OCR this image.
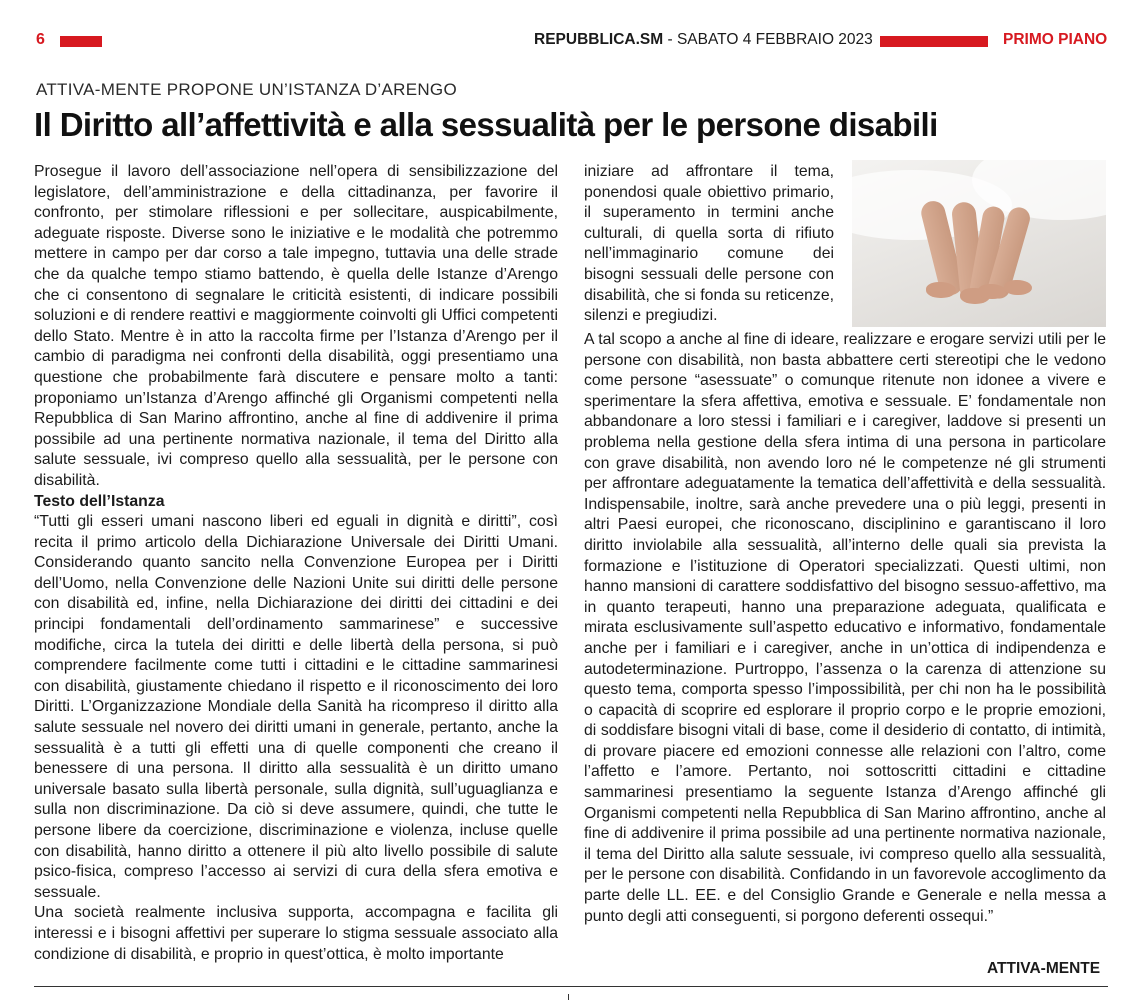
6	REPUBBLICA.SM - SABATO 4 FEBBRAIO 2023	PRIMO PIANO
ATTIVA-MENTE PROPONE UN’ISTANZA D’ARENGO
Il Diritto all’affettività e alla sessualità per le persone disabili

Prosegue il lavoro dell’associazione nell’opera di sensibilizzazione del legislatore, dell’amministrazione e della cittadinanza, per favorire il confronto, per stimolare riflessioni e per sollecitare, auspicabilmente, adeguate risposte. Diverse sono le iniziative e le modalità che potremmo mettere in campo per dar corso a tale impegno, tuttavia una delle strade che da qualche tempo stiamo battendo, è quella delle Istanze d’Arengo che ci consentono di segnalare le criticità esistenti, di indicare possibili soluzioni e di rendere reattivi e maggiormente coinvolti gli Uffici competenti dello Stato. Mentre è in atto la raccolta firme per l’Istanza d’Arengo per il cambio di paradigma nei confronti della disabilità, oggi presentiamo una questione che probabilmente farà discutere e pensare molto a tanti: proponiamo un’Istanza d’Arengo affinché gli Organismi competenti nella Repubblica di San Marino affrontino, anche al fine di addivenire il prima possibile ad una pertinente normativa nazionale, il tema del Diritto alla salute sessuale, ivi compreso quello alla sessualità, per le persone con disabilità.

Testo dell’Istanza

“Tutti gli esseri umani nascono liberi ed eguali in dignità e diritti”, così recita il primo articolo della Dichiarazione Universale dei Diritti Umani. Considerando quanto sancito nella Convenzione Europea per i Diritti dell’Uomo, nella Convenzione delle Nazioni Unite sui diritti delle persone con disabilità ed, infine, nella Dichiarazione dei diritti dei cittadini e dei principi fondamentali dell’ordinamento sammarinese” e successive modifiche, circa la tutela dei diritti e delle libertà della persona, si può comprendere facilmente come tutti i cittadini e le cittadine sammarinesi con disabilità, giustamente chiedano il rispetto e il riconoscimento dei loro Diritti. L’Organizzazione Mondiale della Sanità ha ricompreso il diritto alla salute sessuale nel novero dei diritti umani in generale, pertanto, anche la sessualità è a tutti gli effetti una di quelle componenti che creano il benessere di una persona. Il diritto alla sessualità è un diritto umano universale basato sulla libertà personale, sulla dignità, sull’uguaglianza e sulla non discriminazione. Da ciò si deve assumere, quindi, che tutte le persone libere da coercizione, discriminazione e violenza, incluse quelle con disabilità, hanno diritto a ottenere il più alto livello possibile di salute psico-fisica, compreso l’accesso ai servizi di cura della sfera emotiva e sessuale.

Una società realmente inclusiva supporta, accompagna e facilita gli interessi e i bisogni affettivi per superare lo stigma sessuale associato alla condizione di disabilità, e proprio in quest’ottica, è molto importante

iniziare ad affrontare il tema, ponendosi quale obiettivo primario, il superamento in termini anche culturali, di quella sorta di rifiuto nell’immaginario comune dei bisogni sessuali delle persone con disabilità, che si fonda su reticenze, silenzi e pregiudizi.

A tal scopo a anche al fine di ideare, realizzare e erogare servizi utili per le persone con disabilità, non basta abbattere certi stereotipi che le vedono come persone “asessuate” o comunque ritenute non idonee a vivere e sperimentare la sfera affettiva, emotiva e sessuale. E’ fondamentale non abbandonare a loro stessi i familiari e i caregiver, laddove si presenti un problema nella gestione della sfera intima di una persona in particolare con grave disabilità, non avendo loro né le competenze né gli strumenti per affrontare adeguatamente la tematica dell’affettività e della sessualità. Indispensabile, inoltre, sarà anche prevedere una o più leggi, presenti in altri Paesi europei, che riconoscano, disciplinino e garantiscano il loro diritto inviolabile alla sessualità, all’interno delle quali sia prevista la formazione e l’istituzione di Operatori specializzati. Questi ultimi, non hanno mansioni di carattere soddisfattivo del bisogno sessuo-affettivo, ma in quanto terapeuti, hanno una preparazione adeguata, qualificata e mirata esclusivamente sull’aspetto educativo e informativo, fondamentale anche per i familiari e i caregiver, anche in un’ottica di indipendenza e autodeterminazione. Purtroppo, l’assenza o la carenza di attenzione su questo tema, comporta spesso l’impossibilità, per chi non ha le possibilità o capacità di scoprire ed esplorare il proprio corpo e le proprie emozioni, di soddisfare bisogni vitali di base, come il desiderio di contatto, di intimità, di provare piacere ed emozioni connesse alle relazioni con l’altro, come l’affetto e l’amore. Pertanto, noi sottoscritti cittadini e cittadine sammarinesi presentiamo la seguente Istanza d’Arengo affinché gli Organismi competenti nella Repubblica di San Marino affrontino, anche al fine di addivenire il prima possibile ad una pertinente normativa nazionale, il tema del Diritto alla salute sessuale, ivi compreso quello alla sessualità, per le persone con disabilità. Confidando in un favorevole accoglimento da parte delle LL. EE. e del Consiglio Grande e Generale e nella messa a punto degli atti conseguenti, si porgono deferenti ossequi.”

ATTIVA-MENTE
